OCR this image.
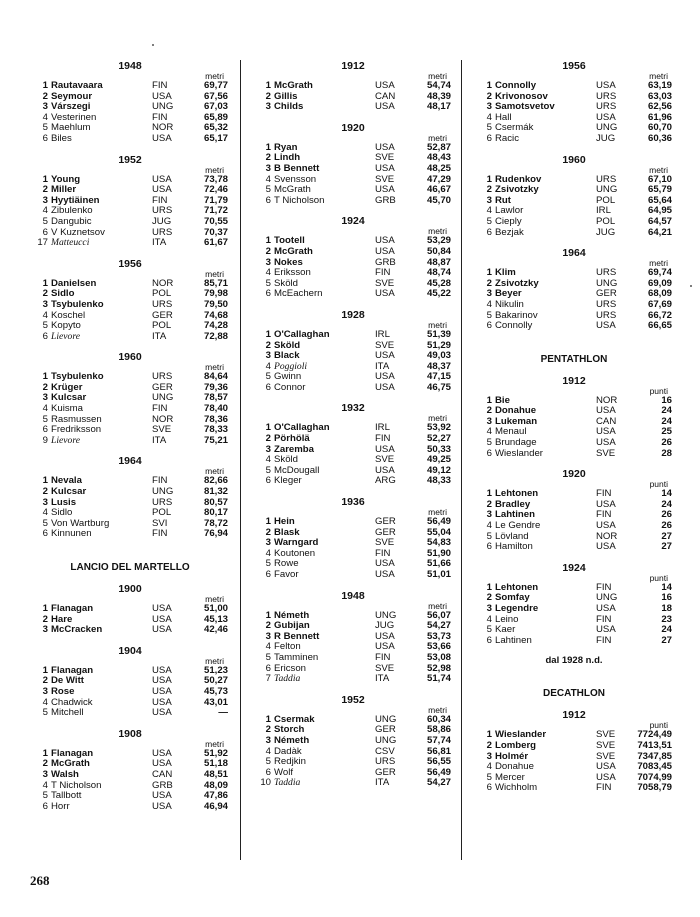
1948
metri
1 Rautavaara	FIN	69,77
2 Seymour	USA	67,56
3 Várszegi	UNG	67,03
4 Vesterinen	FIN	65,89
5 Maehlum	NOR	65,32
6 Biles	USA	65,17
1952
metri
1 Young	USA	73,78
2 Miller	USA	72,46
3 Hyytiäinen	FIN	71,79
4 Zibulenko	URS	71,72
5 Dangubic	JUG	70,55
6 V Kuznetsov	URS	70,37
17 Matteucci	ITA	61,67
1956
metri
1 Danielsen	NOR	85,71
2 Sidlo	POL	79,98
3 Tsybulenko	URS	79,50
4 Koschel	GER	74,68
5 Kopyto	POL	74,28
6 Lievore	ITA	72,88
1960
metri
1 Tsybulenko	URS	84,64
2 Krüger	GER	79,36
3 Kulcsar	UNG	78,57
4 Kuisma	FIN	78,40
5 Rasmussen	NOR	78,36
6 Fredriksson	SVE	78,33
9 Lievore	ITA	75,21
1964
metri
1 Nevala	FIN	82,66
2 Kulcsar	UNG	81,32
3 Lusis	URS	80,57
4 Sidlo	POL	80,17
5 Von Wartburg	SVI	78,72
6 Kinnunen	FIN	76,94
LANCIO DEL MARTELLO
1900
metri
1 Flanagan	USA	51,00
2 Hare	USA	45,13
3 McCracken	USA	42,46
1904
metri
1 Flanagan	USA	51,23
2 De Witt	USA	50,27
3 Rose	USA	45,73
4 Chadwick	USA	43,01
5 Mitchell	USA	—
1908
metri
1 Flanagan	USA	51,92
2 McGrath	USA	51,18
3 Walsh	CAN	48,51
4 T Nicholson	GRB	48,09
5 Tallbott	USA	47,86
6 Horr	USA	46,94
1912
metri
1 McGrath	USA	54,74
2 Gillis	CAN	48,39
3 Childs	USA	48,17
1920
metri
1 Ryan	USA	52,87
2 Lindh	SVE	48,43
3 B Bennett	USA	48,25
4 Svensson	SVE	47,29
5 McGrath	USA	46,67
6 T Nicholson	GRB	45,70
1924
metri
1 Tootell	USA	53,29
2 McGrath	USA	50,84
3 Nokes	GRB	48,87
4 Eriksson	FIN	48,74
5 Sköld	SVE	45,28
6 McEachern	USA	45,22
1928
metri
1 O'Callaghan	IRL	51,39
2 Sköld	SVE	51,29
3 Black	USA	49,03
4 Poggioli	ITA	48,37
5 Gwinn	USA	47,15
6 Connor	USA	46,75
1932
metri
1 O'Callaghan	IRL	53,92
2 Pörhölä	FIN	52,27
3 Zaremba	USA	50,33
4 Sköld	SVE	49,25
5 McDougall	USA	49,12
6 Kleger	ARG	48,33
1936
metri
1 Hein	GER	56,49
2 Blask	GER	55,04
3 Warngard	SVE	54,83
4 Koutonen	FIN	51,90
5 Rowe	USA	51,66
6 Favor	USA	51,01
1948
metri
1 Németh	UNG	56,07
2 Gubijan	JUG	54,27
3 R Bennett	USA	53,73
4 Felton	USA	53,66
5 Tamminen	FIN	53,08
6 Ericson	SVE	52,98
7 Taddia	ITA	51,74
1952
metri
1 Csermak	UNG	60,34
2 Storch	GER	58,86
3 Németh	UNG	57,74
4 Dadàk	CSV	56,81
5 Redjkin	URS	56,55
6 Wolf	GER	56,49
10 Taddia	ITA	54,27
1956
metri
1 Connolly	USA	63,19
2 Krivonosov	URS	63,03
3 Samotsvetov	URS	62,56
4 Hall	USA	61,96
5 Csermák	UNG	60,70
6 Racic	JUG	60,36
1960
metri
1 Rudenkov	URS	67,10
2 Zsivotzky	UNG	65,79
3 Rut	POL	65,64
4 Lawlor	IRL	64,95
5 Cieply	POL	64,57
6 Bezjak	JUG	64,21
1964
metri
1 Klim	URS	69,74
2 Zsivotzky	UNG	69,09
3 Beyer	GER	68,09
4 Nikulin	URS	67,69
5 Bakarinov	URS	66,72
6 Connolly	USA	66,65
PENTATHLON
1912
punti
1 Bie	NOR	16
2 Donahue	USA	24
3 Lukeman	CAN	24
4 Menaul	USA	25
5 Brundage	USA	26
6 Wieslander	SVE	28
1920
punti
1 Lehtonen	FIN	14
2 Bradley	USA	24
3 Lahtinen	FIN	26
4 Le Gendre	USA	26
5 Lövland	NOR	27
6 Hamilton	USA	27
1924
punti
1 Lehtonen	FIN	14
2 Somfay	UNG	16
3 Legendre	USA	18
4 Leino	FIN	23
5 Kaer	USA	24
6 Lahtinen	FIN	27
dal 1928 n.d.
DECATHLON
1912
punti
1 Wieslander	SVE	7724,49
2 Lomberg	SVE	7413,51
3 Holmér	SVE	7347,85
4 Donahue	USA	7083,45
5 Mercer	USA	7074,99
6 Wichholm	FIN	7058,79
268
